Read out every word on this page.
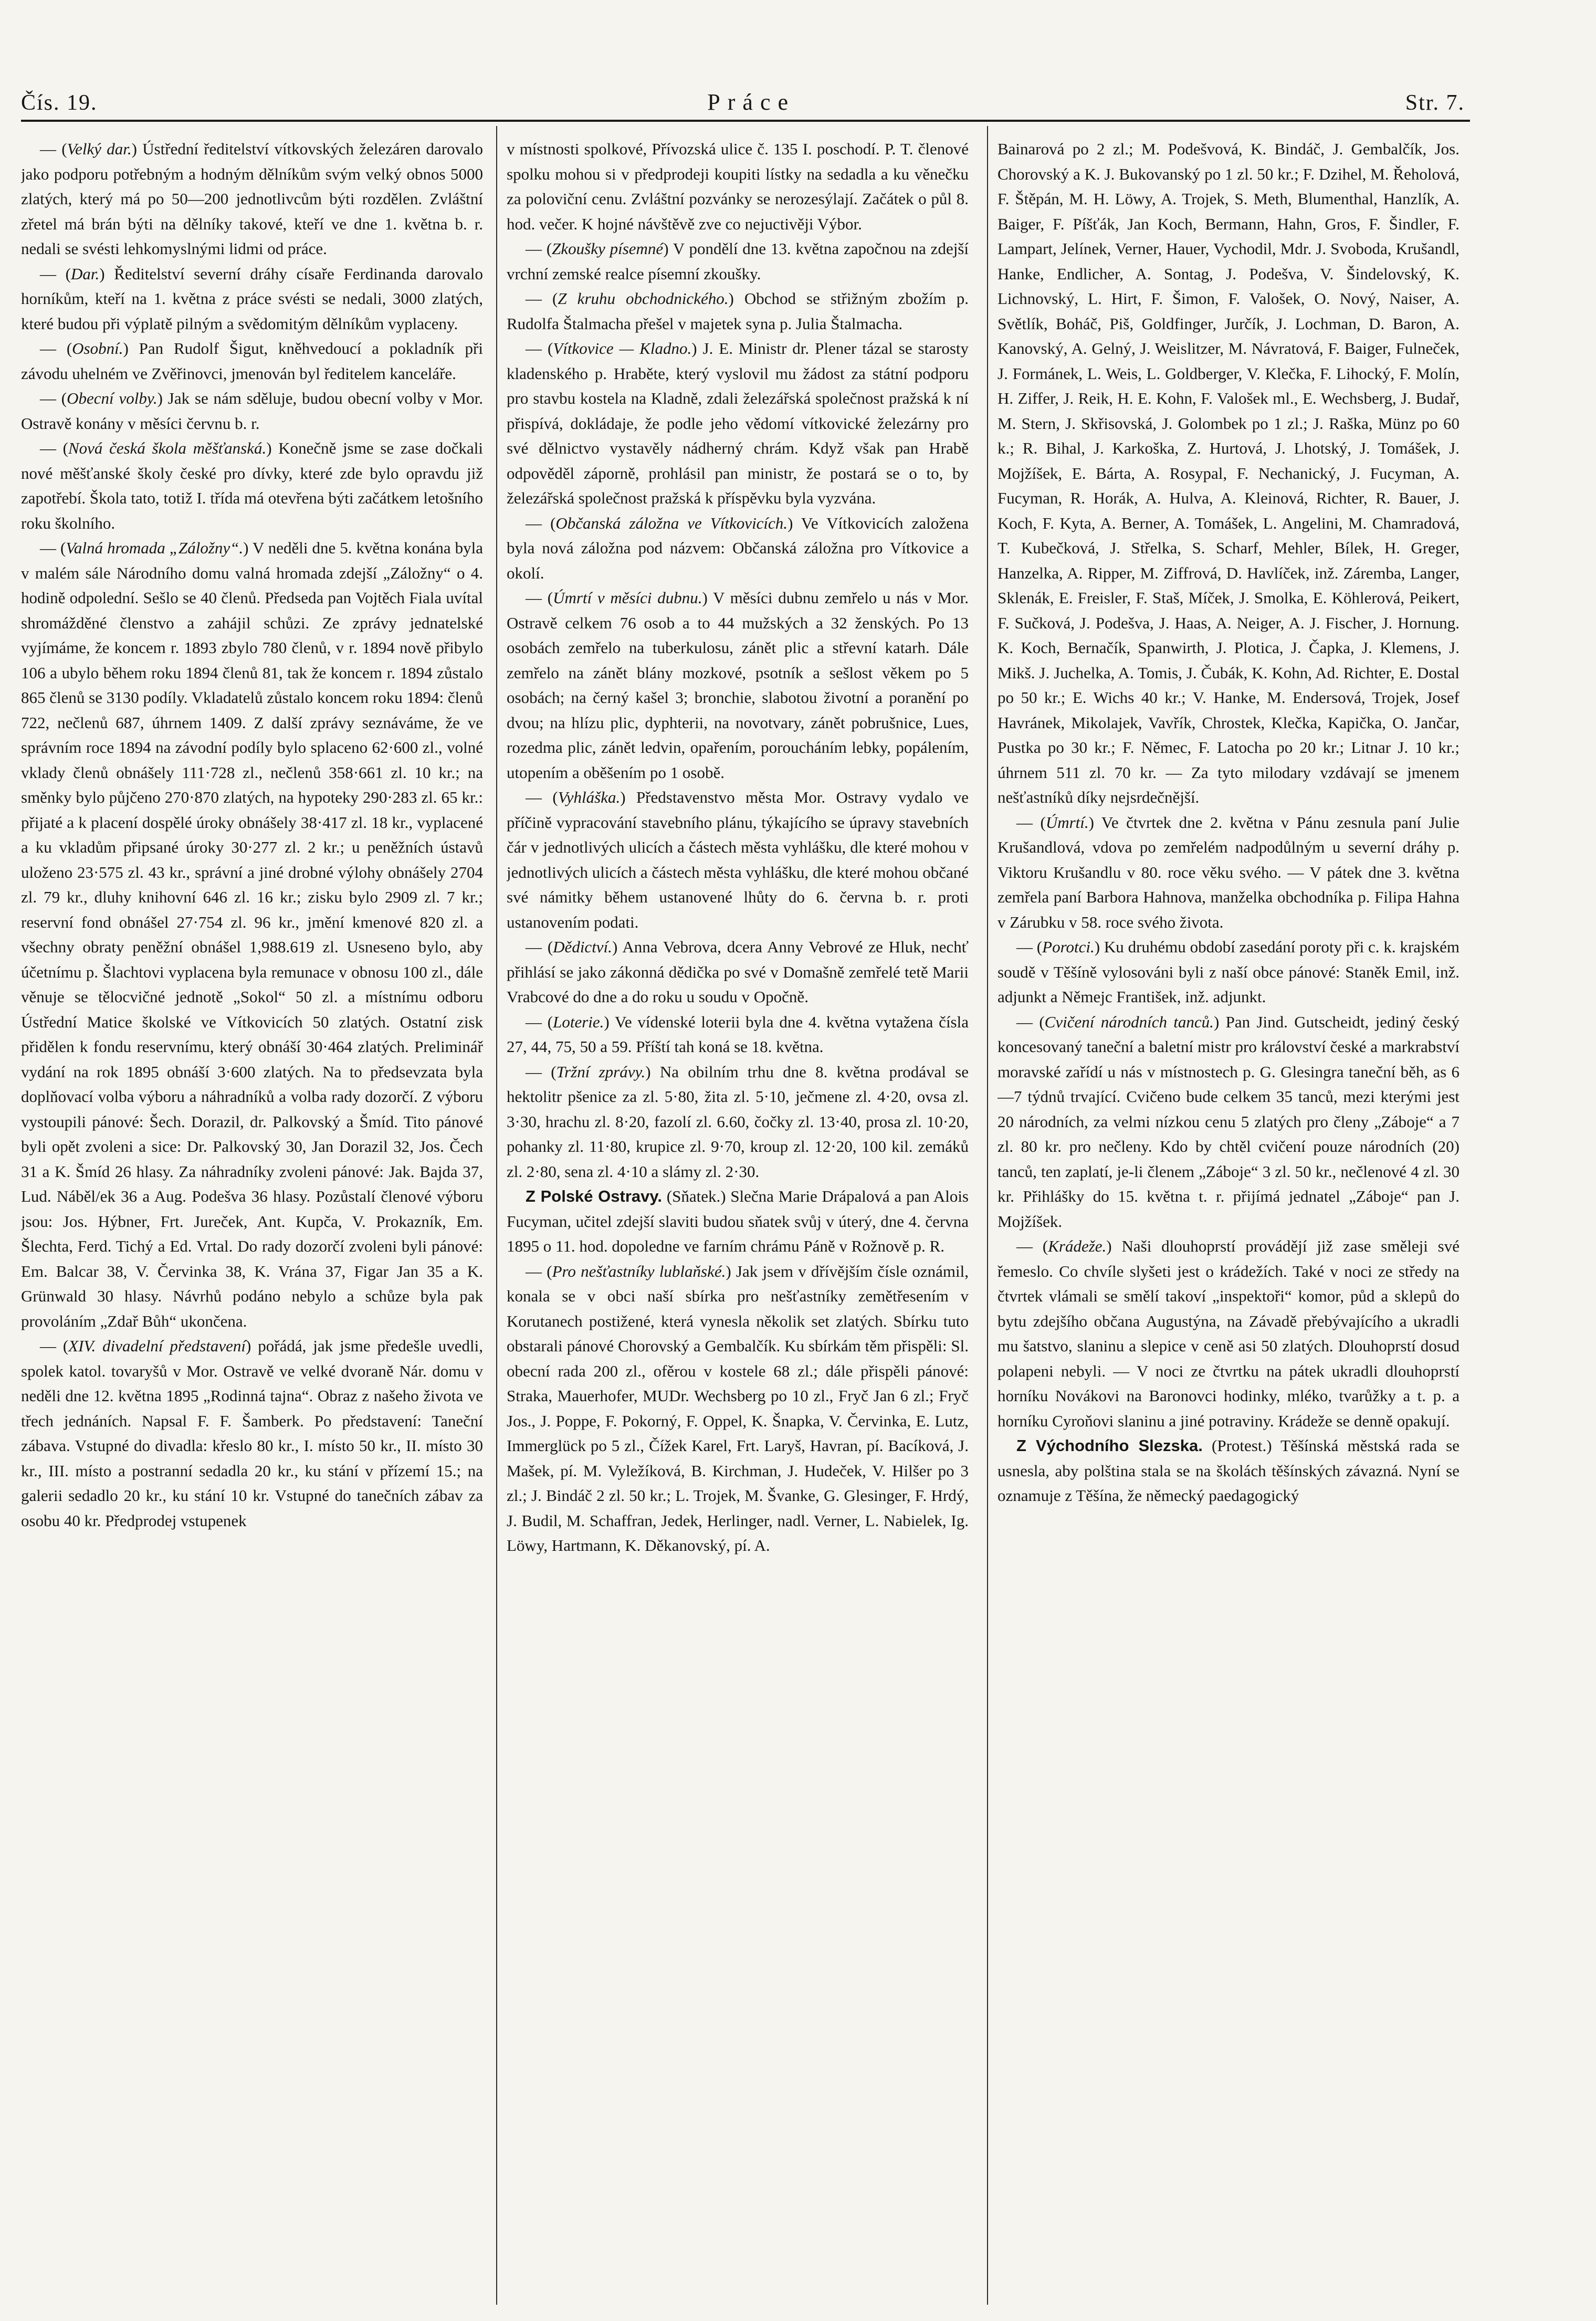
Čís. 19.	Práce	Str. 7.

— (Velký dar.) Ústřední ředitelství vítkovských železáren darovalo jako podporu potřebným a hodným dělníkům svým velký obnos 5000 zlatých, který má po 50—200 jednotlivcům býti rozdělen. Zvláštní zřetel má brán býti na dělníky takové, kteří ve dne 1. května b. r. nedali se svésti lehkomyslnými lidmi od práce.

— (Dar.) Ředitelství severní dráhy císaře Ferdinanda darovalo horníkům, kteří na 1. května z práce svésti se nedali, 3000 zlatých, které budou při výplatě pilným a svědomitým dělníkům vyplaceny.

— (Osobní.) Pan Rudolf Šigut, kněhvedoucí a pokladník při závodu uhelném ve Zvěřinovci, jmenován byl ředitelem kanceláře.

— (Obecní volby.) Jak se nám sděluje, budou obecní volby v Mor. Ostravě konány v měsíci červnu b. r.

— (Nová česká škola měšťanská.) Konečně jsme se zase dočkali nové měšťanské školy české pro dívky, které zde bylo opravdu již zapotřebí. Škola tato, totiž I. třída má otevřena býti začátkem letošního roku školního.

— (Valná hromada „Záložny“.) V neděli dne 5. května konána byla v malém sále Národního domu valná hromada zdejší „Záložny“ o 4. hodině odpolední. Sešlo se 40 členů. Předseda pan Vojtěch Fiala uvítal shromážděné členstvo a zahájil schůzi. Ze zprávy jednatelské vyjímáme, že koncem r. 1893 zbylo 780 členů, v r. 1894 nově přibylo 106 a ubylo během roku 1894 členů 81, tak že koncem r. 1894 zůstalo 865 členů se 3130 podíly. Vkladatelů zůstalo koncem roku 1894: členů 722, nečlenů 687, úhrnem 1409. Z další zprávy seznáváme, že ve správním roce 1894 na závodní podíly bylo splaceno 62·600 zl., volné vklady členů obnášely 111·728 zl., nečlenů 358·661 zl. 10 kr.; na směnky bylo půjčeno 270·870 zlatých, na hypoteky 290·283 zl. 65 kr.: přijaté a k placení dospělé úroky obnášely 38·417 zl. 18 kr., vyplacené a ku vkladům připsané úroky 30·277 zl. 2 kr.; u peněžních ústavů uloženo 23·575 zl. 43 kr., správní a jiné drobné výlohy obnášely 2704 zl. 79 kr., dluhy knihovní 646 zl. 16 kr.; zisku bylo 2909 zl. 7 kr.; reservní fond obnášel 27·754 zl. 96 kr., jmění kmenové 820 zl. a všechny obraty peněžní obnášel 1,988.619 zl. Usneseno bylo, aby účetnímu p. Šlachtovi vyplacena byla remunace v obnosu 100 zl., dále věnuje se tělocvičné jednotě „Sokol“ 50 zl. a místnímu odboru Ústřední Matice školské ve Vítkovicích 50 zlatých. Ostatní zisk přidělen k fondu reservnímu, který obnáší 30·464 zlatých. Preliminář vydání na rok 1895 obnáší 3·600 zlatých. Na to předsevzata byla doplňovací volba výboru a náhradníků a volba rady dozorčí. Z výboru vystoupili pánové: Šech. Dorazil, dr. Palkovský a Šmíd. Tito pánové byli opět zvoleni a sice: Dr. Palkovský 30, Jan Dorazil 32, Jos. Čech 31 a K. Šmíd 26 hlasy. Za náhradníky zvoleni pánové: Jak. Bajda 37, Lud. Náběl/ek 36 a Aug. Podešva 36 hlasy. Pozůstalí členové výboru jsou: Jos. Hýbner, Frt. Jureček, Ant. Kupča, V. Prokazník, Em. Šlechta, Ferd. Tichý a Ed. Vrtal. Do rady dozorčí zvoleni byli pánové: Em. Balcar 38, V. Červinka 38, K. Vrána 37, Figar Jan 35 a K. Grünwald 30 hlasy. Návrhů podáno nebylo a schůze byla pak provoláním „Zdař Bůh“ ukončena.

— (XIV. divadelní představení) pořádá, jak jsme předešle uvedli, spolek katol. tovaryšů v Mor. Ostravě ve velké dvoraně Nár. domu v neděli dne 12. května 1895 „Rodinná tajna“. Obraz z našeho života ve třech jednáních. Napsal F. F. Šamberk. Po představení: Taneční zábava. Vstupné do divadla: křeslo 80 kr., I. místo 50 kr., II. místo 30 kr., III. místo a postranní sedadla 20 kr., ku stání v přízemí 15.; na galerii sedadlo 20 kr., ku stání 10 kr. Vstupné do tanečních zábav za osobu 40 kr. Předprodej vstupenek

v místnosti spolkové, Přívozská ulice č. 135 I. poschodí. P. T. členové spolku mohou si v předprodeji koupiti lístky na sedadla a ku věnečku za poloviční cenu. Zvláštní pozvánky se nerozesýlají. Začátek o půl 8. hod. večer. K hojné návštěvě zve co nejuctivěji Výbor.

— (Zkoušky písemné) V pondělí dne 13. května započnou na zdejší vrchní zemské realce písemní zkoušky.

— (Z kruhu obchodnického.) Obchod se střižným zbožím p. Rudolfa Štalmacha přešel v majetek syna p. Julia Štalmacha.

— (Vítkovice — Kladno.) J. E. Ministr dr. Plener tázal se starosty kladenského p. Hraběte, který vyslovil mu žádost za státní podporu pro stavbu kostela na Kladně, zdali železářská společnost pražská k ní přispívá, dokládaje, že podle jeho vědomí vítkovické železárny pro své dělnictvo vystavěly nádherný chrám. Když však pan Hrabě odpověděl záporně, prohlásil pan ministr, že postará se o to, by železářská společnost pražská k příspěvku byla vyzvána.

— (Občanská záložna ve Vítkovicích.) Ve Vítkovicích založena byla nová záložna pod názvem: Občanská záložna pro Vítkovice a okolí.

— (Úmrtí v měsíci dubnu.) V měsíci dubnu zemřelo u nás v Mor. Ostravě celkem 76 osob a to 44 mužských a 32 ženských. Po 13 osobách zemřelo na tuberkulosu, zánět plic a střevní katarh. Dále zemřelo na zánět blány mozkové, psotník a sešlost věkem po 5 osobách; na černý kašel 3; bronchie, slabotou životní a poranění po dvou; na hlízu plic, dyphterii, na novotvary, zánět pobrušnice, Lues, rozedma plic, zánět ledvin, opařením, poroucháním lebky, popálením, utopením a oběšením po 1 osobě.

— (Vyhláška.) Představenstvo města Mor. Ostravy vydalo ve příčině vypracování stavebního plánu, týkajícího se úpravy stavebních čár v jednotlivých ulicích a částech města vyhlášku, dle které mohou v jednotlivých ulicích a částech města vyhlášku, dle které mohou občané své námitky během ustanovené lhůty do 6. června b. r. proti ustanovením podati.

— (Dědictví.) Anna Vebrova, dcera Anny Vebrové ze Hluk, nechť přihlásí se jako zákonná dědička po své v Domašně zemřelé tetě Marii Vrabcové do dne a do roku u soudu v Opočně.

— (Loterie.) Ve vídenské loterii byla dne 4. května vytažena čísla 27, 44, 75, 50 a 59. Příští tah koná se 18. května.

— (Tržní zprávy.) Na obilním trhu dne 8. května prodával se hektolitr pšenice za zl. 5·80, žita zl. 5·10, ječmene zl. 4·20, ovsa zl. 3·30, hrachu zl. 8·20, fazolí zl. 6.60, čočky zl. 13·40, prosa zl. 10·20, pohanky zl. 11·80, krupice zl. 9·70, kroup zl. 12·20, 100 kil. zemáků zl. 2·80, sena zl. 4·10 a slámy zl. 2·30.

Z Polské Ostravy. (Sňatek.) Slečna Marie Drápalová a pan Alois Fucyman, učitel zdejší slaviti budou sňatek svůj v úterý, dne 4. června 1895 o 11. hod. dopoledne ve farním chrámu Páně v Rožnově p. R.

— (Pro nešťastníky lublaňské.) Jak jsem v dřívějším čísle oznámil, konala se v obci naší sbírka pro nešťastníky zemětřesením v Korutanech postižené, která vynesla několik set zlatých. Sbírku tuto obstarali pánové Chorovský a Gembalčík. Ku sbírkám těm přispěli: Sl. obecní rada 200 zl., ofěrou v kostele 68 zl.; dále přispěli pánové: Straka, Mauerhofer, MUDr. Wechsberg po 10 zl., Fryč Jan 6 zl.; Fryč Jos., J. Poppe, F. Pokorný, F. Oppel, K. Šnapka, V. Červinka, E. Lutz, Immerglück po 5 zl., Čížek Karel, Frt. Laryš, Havran, pí. Bacíková, J. Mašek, pí. M. Vyležíková, B. Kirchman, J. Hudeček, V. Hilšer po 3 zl.; J. Bindáč 2 zl. 50 kr.; L. Trojek, M. Švanke, G. Glesinger, F. Hrdý, J. Budil, M. Schaffran, Jedek, Herlinger, nadl. Verner, L. Nabielek, Ig. Löwy, Hartmann, K. Děkanovský, pí. A.

Bainarová po 2 zl.; M. Podešvová, K. Bindáč, J. Gembalčík, Jos. Chorovský a K. J. Bukovanský po 1 zl. 50 kr.; F. Dzihel, M. Řeholová, F. Štěpán, M. H. Löwy, A. Trojek, S. Meth, Blumenthal, Hanzlík, A. Baiger, F. Píšťák, Jan Koch, Bermann, Hahn, Gros, F. Šindler, F. Lampart, Jelínek, Verner, Hauer, Vychodil, Mdr. J. Svoboda, Krušandl, Hanke, Endlicher, A. Sontag, J. Podešva, V. Šindelovský, K. Lichnovský, L. Hirt, F. Šimon, F. Valošek, O. Nový, Naiser, A. Světlík, Boháč, Piš, Goldfinger, Jurčík, J. Lochman, D. Baron, A. Kanovský, A. Gelný, J. Weislitzer, M. Návratová, F. Baiger, Fulneček, J. Formánek, L. Weis, L. Goldberger, V. Klečka, F. Lihocký, F. Molín, H. Ziffer, J. Reik, H. E. Kohn, F. Valošek ml., E. Wechsberg, J. Budař, M. Stern, J. Skřisovská, J. Golombek po 1 zl.; J. Raška, Münz po 60 k.; R. Bihal, J. Karkoška, Z. Hurtová, J. Lhotský, J. Tomášek, J. Mojžíšek, E. Bárta, A. Rosypal, F. Nechanický, J. Fucyman, A. Fucyman, R. Horák, A. Hulva, A. Kleinová, Richter, R. Bauer, J. Koch, F. Kyta, A. Berner, A. Tomášek, L. Angelini, M. Chamradová, T. Kubečková, J. Střelka, S. Scharf, Mehler, Bílek, H. Greger, Hanzelka, A. Ripper, M. Ziffrová, D. Havlíček, inž. Záremba, Langer, Sklenák, E. Freisler, F. Staš, Míček, J. Smolka, E. Köhlerová, Peikert, F. Sučková, J. Podešva, J. Haas, A. Neiger, A. J. Fischer, J. Hornung. K. Koch, Bernačík, Spanwirth, J. Plotica, J. Čapka, J. Klemens, J. Mikš. J. Juchelka, A. Tomis, J. Čubák, K. Kohn, Ad. Richter, E. Dostal po 50 kr.; E. Wichs 40 kr.; V. Hanke, M. Endersová, Trojek, Josef Havránek, Mikolajek, Vavřík, Chrostek, Klečka, Kapička, O. Jančar, Pustka po 30 kr.; F. Němec, F. Latocha po 20 kr.; Litnar J. 10 kr.; úhrnem 511 zl. 70 kr. — Za tyto milodary vzdávají se jmenem nešťastníků díky nejsrdečnější.

— (Úmrtí.) Ve čtvrtek dne 2. května v Pánu zesnula paní Julie Krušandlová, vdova po zemřelém nadpodůlným u severní dráhy p. Viktoru Krušandlu v 80. roce věku svého. — V pátek dne 3. května zemřela paní Barbora Hahnova, manželka obchodníka p. Filipa Hahna v Zárubku v 58. roce svého života.

— (Porotci.) Ku druhému období zasedání poroty při c. k. krajském soudě v Těšíně vylosováni byli z naší obce pánové: Staněk Emil, inž. adjunkt a Němejc František, inž. adjunkt.

— (Cvičení národních tanců.) Pan Jind. Gutscheidt, jediný český koncesovaný taneční a baletní mistr pro království české a markrabství moravské zařídí u nás v místnostech p. G. Glesingra taneční běh, as 6—7 týdnů trvající. Cvičeno bude celkem 35 tanců, mezi kterými jest 20 národních, za velmi nízkou cenu 5 zlatých pro členy „Záboje“ a 7 zl. 80 kr. pro nečleny. Kdo by chtěl cvičení pouze národních (20) tanců, ten zaplatí, je-li členem „Záboje“ 3 zl. 50 kr., nečlenové 4 zl. 30 kr. Přihlášky do 15. května t. r. přijímá jednatel „Záboje“ pan J. Mojžíšek.

— (Krádeže.) Naši dlouhoprstí provádějí již zase směleji své řemeslo. Co chvíle slyšeti jest o krádežích. Také v noci ze středy na čtvrtek vlámali se smělí takoví „inspektoři“ komor, půd a sklepů do bytu zdejšího občana Augustýna, na Závadě přebývajícího a ukradli mu šatstvo, slaninu a slepice v ceně asi 50 zlatých. Dlouhoprstí dosud polapeni nebyli. — V noci ze čtvrtku na pátek ukradli dlouhoprstí horníku Novákovi na Baronovci hodinky, mléko, tvarůžky a t. p. a horníku Cyroňovi slaninu a jiné potraviny. Krádeže se denně opakují.

Z Východního Slezska. (Protest.) Těšínská městská rada se usnesla, aby polština stala se na školách těšínských závazná. Nyní se oznamuje z Těšína, že německý paedagogický
